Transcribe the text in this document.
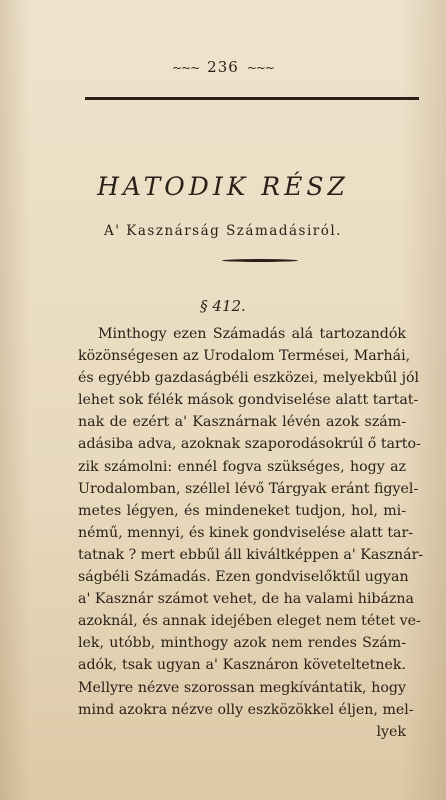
~~~ 236 ~~~
HATODIK RÉSZ
A' Kasznárság Számadásiról.
§ 412.
Minthogy ezen Számadás alá tartozandók
közönségesen az Urodalom Termései, Marhái,
és egyébb gazdaságbéli eszközei, melyekbűl jól
lehet sok félék mások gondviselése alatt tartat-
nak de ezért a' Kasznárnak lévén azok szám-
adásiba adva, azoknak szaporodásokrúl ő tarto-
zik számolni: ennél fogva szükséges, hogy az
Urodalomban, széllel lévő Tárgyak eránt figyel-
metes légyen, és mindeneket tudjon, hol, mi-
némű, mennyi, és kinek gondviselése alatt tar-
tatnak ? mert ebbűl áll kiváltképpen a' Kasznár-
ságbéli Számadás. Ezen gondviselőktűl ugyan
a' Kasznár számot vehet, de ha valami hibázna
azoknál, és annak idejében eleget nem tétet ve-
lek, utóbb, minthogy azok nem rendes Szám-
adók, tsak ugyan a' Kasznáron követeltetnek.
Mellyre nézve szorossan megkívántatik, hogy
mind azokra nézve olly eszközökkel éljen, mel-
lyek
